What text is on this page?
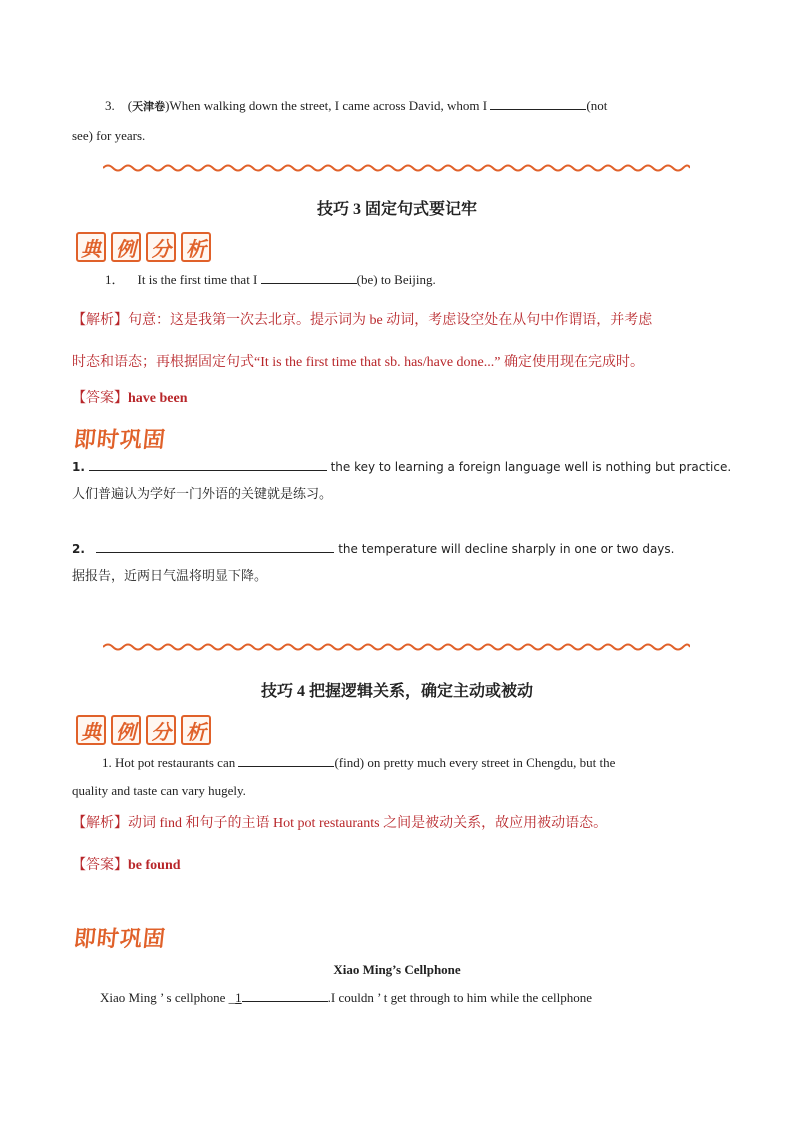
3. (天津卷)When walking down the street, I came across David, whom I	(not
see) for years.
技巧 3 固定句式要记牢
典 例 分 析
1． It is the first time that I	(be) to Beijing.
【解析】句意：这是我第一次去北京。提示词为 be 动词，考虑设空处在从句中作谓语，并考虑
时态和语态；再根据固定句式“It is the first time that sb. has/have done...” 确定使用现在完成时。
【答案】have been
即时巩固
1.	the key to learning a foreign language well is nothing but practice.
人们普遍认为学好一门外语的关键就是练习。
2.	the temperature will decline sharply in one or two days.
据报告，近两日气温将明显下降。
技巧 4 把握逻辑关系，确定主动或被动
典 例 分 析
1. Hot pot restaurants can	(find) on pretty much every street in Chengdu, but the
quality and taste can vary hugely.
【解析】动词 find 和句子的主语 Hot pot restaurants 之间是被动关系，故应用被动语态。
【答案】be found
即时巩固
Xiao Ming’s Cellphone
Xiao Ming ’ s cellphone _1	.I couldn ’ t get through to him while the cellphone
